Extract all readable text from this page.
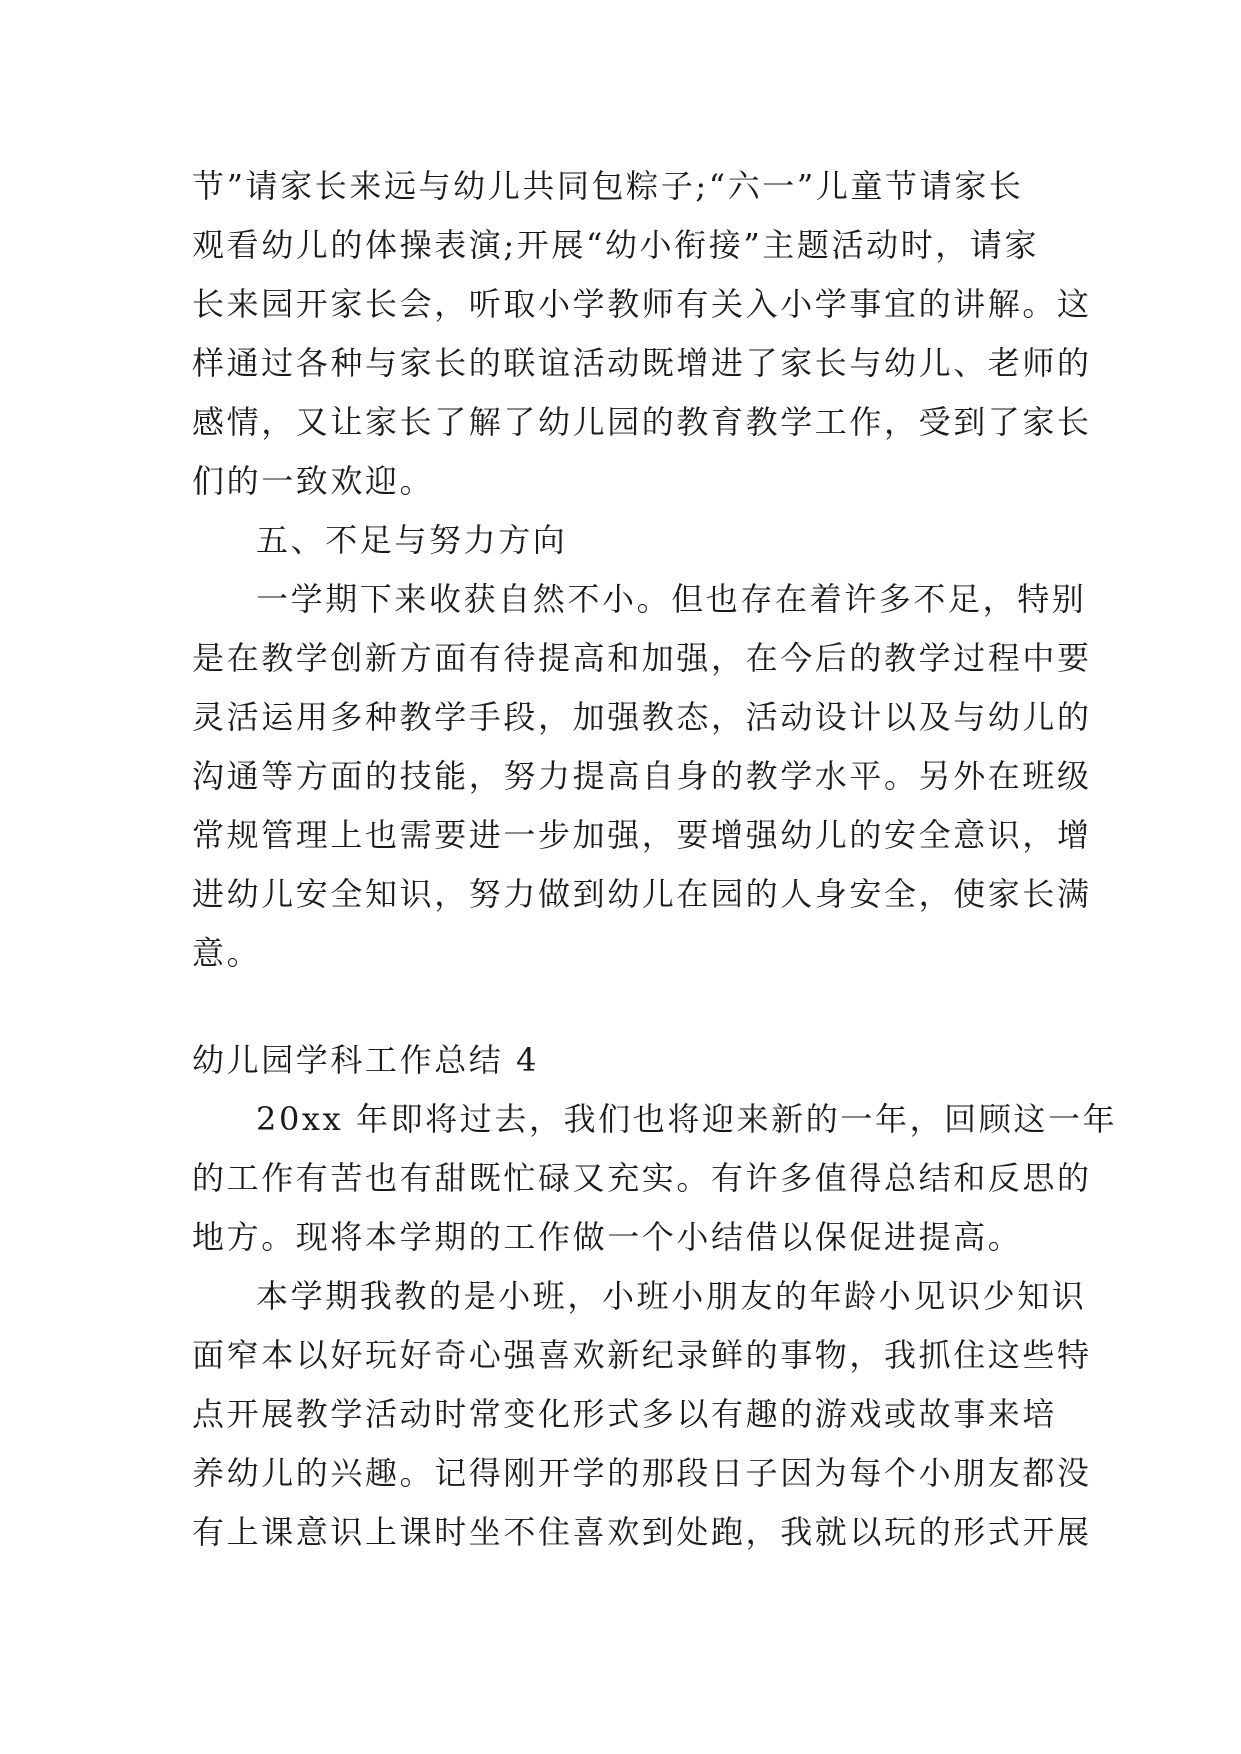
节”请家长来远与幼儿共同包粽子;“六一”儿童节请家长
观看幼儿的体操表演;开展“幼小衔接”主题活动时，请家
长来园开家长会，听取小学教师有关入小学事宜的讲解。这
样通过各种与家长的联谊活动既增进了家长与幼儿、老师的
感情，又让家长了解了幼儿园的教育教学工作，受到了家长
们的一致欢迎。
五、不足与努力方向
一学期下来收获自然不小。但也存在着许多不足，特别
是在教学创新方面有待提高和加强，在今后的教学过程中要
灵活运用多种教学手段，加强教态，活动设计以及与幼儿的
沟通等方面的技能，努力提高自身的教学水平。另外在班级
常规管理上也需要进一步加强，要增强幼儿的安全意识，增
进幼儿安全知识，努力做到幼儿在园的人身安全，使家长满
意。
幼儿园学科工作总结 4
20xx 年即将过去，我们也将迎来新的一年，回顾这一年
的工作有苦也有甜既忙碌又充实。有许多值得总结和反思的
地方。现将本学期的工作做一个小结借以保促进提高。
本学期我教的是小班，小班小朋友的年龄小见识少知识
面窄本以好玩好奇心强喜欢新纪录鲜的事物，我抓住这些特
点开展教学活动时常变化形式多以有趣的游戏或故事来培
养幼儿的兴趣。记得刚开学的那段日子因为每个小朋友都没
有上课意识上课时坐不住喜欢到处跑，我就以玩的形式开展
